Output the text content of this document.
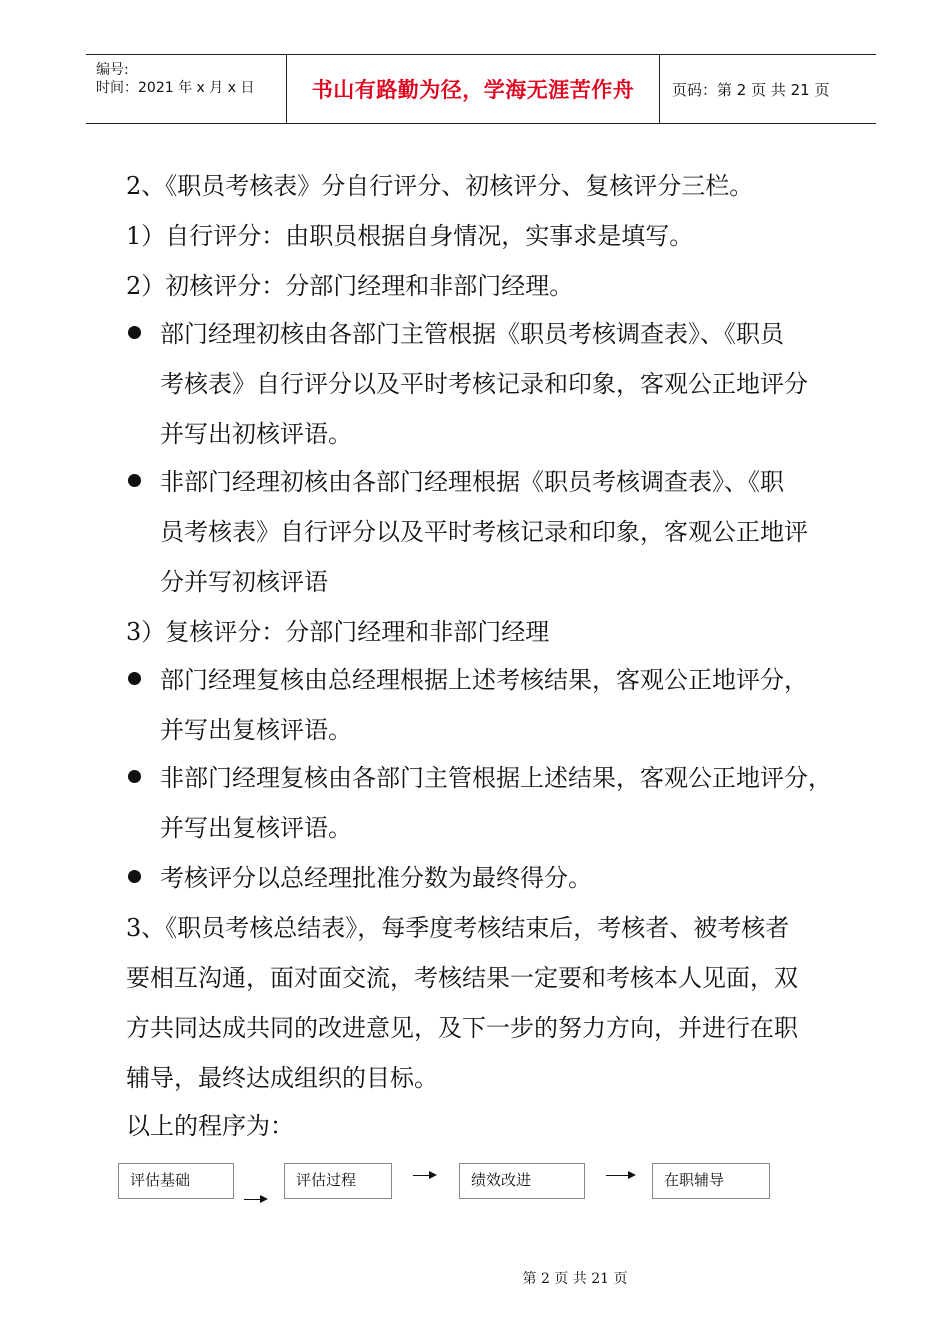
编号:
时间：2021 年 x 月 x 日	书山有路勤为径，学海无涯苦作舟	页码：第 2 页 共 21 页
2、《职员考核表》分自行评分、初核评分、复核评分三栏。
1）自行评分：由职员根据自身情况，实事求是填写。
2）初核评分：分部门经理和非部门经理。
部门经理初核由各部门主管根据《职员考核调查表》、《职员
考核表》自行评分以及平时考核记录和印象，客观公正地评分
并写出初核评语。
非部门经理初核由各部门经理根据《职员考核调查表》、《职
员考核表》自行评分以及平时考核记录和印象，客观公正地评
分并写初核评语
3）复核评分：分部门经理和非部门经理
部门经理复核由总经理根据上述考核结果，客观公正地评分，
并写出复核评语。
非部门经理复核由各部门主管根据上述结果，客观公正地评分，
并写出复核评语。
考核评分以总经理批准分数为最终得分。
3、《职员考核总结表》，每季度考核结束后，考核者、被考核者
要相互沟通，面对面交流，考核结果一定要和考核本人见面，双
方共同达成共同的改进意见，及下一步的努力方向，并进行在职
辅导，最终达成组织的目标。
以上的程序为：
评估基础	评估过程	绩效改进	在职辅导
第 2 页 共 21 页
